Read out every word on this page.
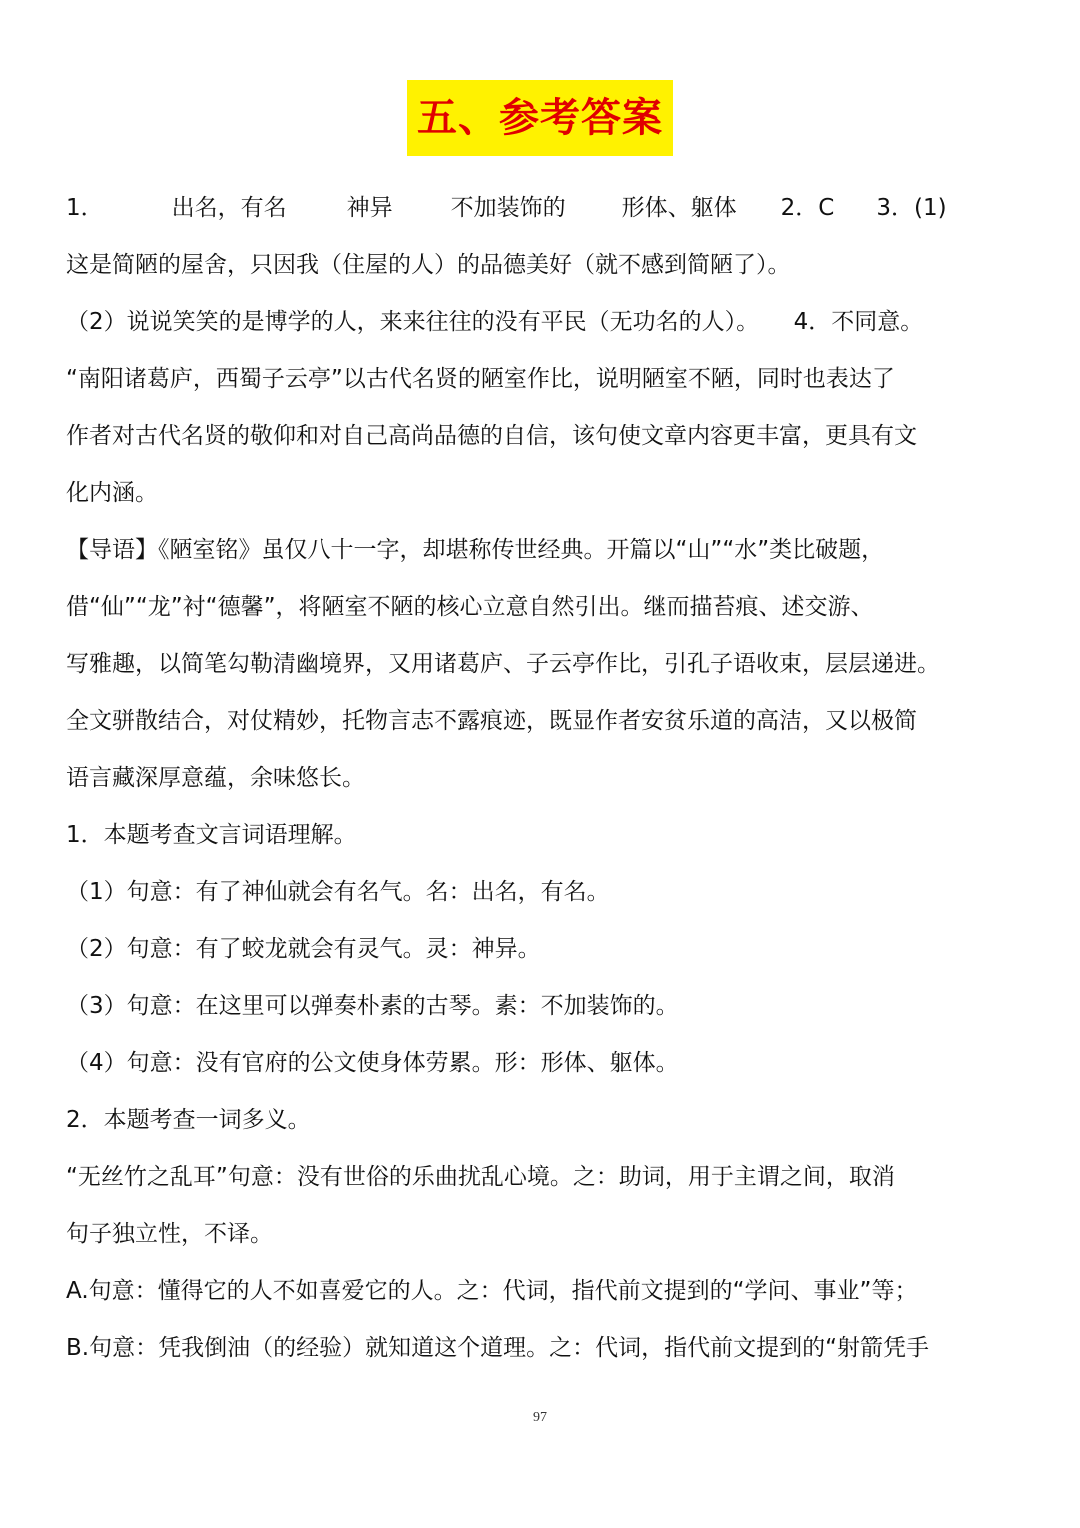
五、参考答案
1．	出名，有名	神异	不加装饰的 形体、躯体 2．C 3．(1)
这是简陋的屋舍，只因我（住屋的人）的品德美好（就不感到简陋了）。
（2）说说笑笑的是博学的人，来来往往的没有平民（无功名的人）。　　4．不同意。
“南阳诸葛庐，西蜀子云亭”以古代名贤的陋室作比，说明陋室不陋，同时也表达了
作者对古代名贤的敬仰和对自己高尚品德的自信，该句使文章内容更丰富，更具有文
化内涵。
【导语】《陋室铭》虽仅八十一字，却堪称传世经典。开篇以“山”“水”类比破题，
借“仙”“龙”衬“德馨”，将陋室不陋的核心立意自然引出。继而描苔痕、述交游、
写雅趣，以简笔勾勒清幽境界，又用诸葛庐、子云亭作比，引孔子语收束，层层递进。
全文骈散结合，对仗精妙，托物言志不露痕迹，既显作者安贫乐道的高洁，又以极简
语言藏深厚意蕴，余味悠长。
1．本题考查文言词语理解。
（1）句意：有了神仙就会有名气。名：出名，有名。
（2）句意：有了蛟龙就会有灵气。灵：神异。
（3）句意：在这里可以弹奏朴素的古琴。素：不加装饰的。
（4）句意：没有官府的公文使身体劳累。形：形体、躯体。
2．本题考查一词多义。
“无丝竹之乱耳”句意：没有世俗的乐曲扰乱心境。之：助词，用于主谓之间，取消
句子独立性，不译。
A.句意：懂得它的人不如喜爱它的人。之：代词，指代前文提到的“学问、事业”等；
B.句意：凭我倒油（的经验）就知道这个道理。之：代词，指代前文提到的“射箭凭手
97
